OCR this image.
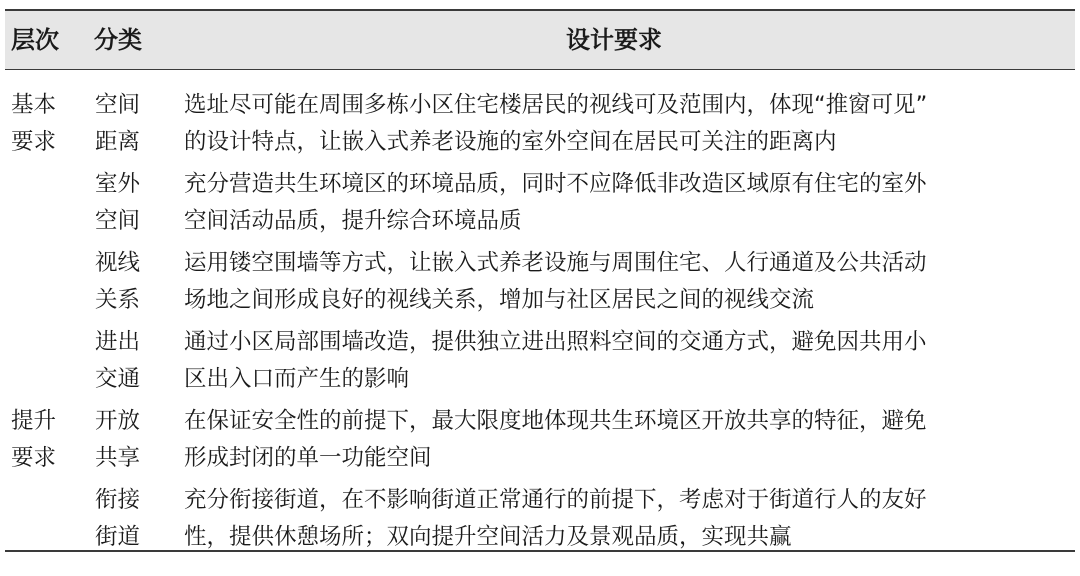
层次 分类	设计要求
基本
要求
空间
距离
选址尽可能在周围多栋小区住宅楼居民的视线可及范围内，体现“推窗可见”
的设计特点，让嵌入式养老设施的室外空间在居民可关注的距离内
室外
空间
充分营造共生环境区的环境品质，同时不应降低非改造区域原有住宅的室外
空间活动品质，提升综合环境品质
视线
关系
运用镂空围墙等方式，让嵌入式养老设施与周围住宅、人行通道及公共活动
场地之间形成良好的视线关系，增加与社区居民之间的视线交流
进出
交通
通过小区局部围墙改造，提供独立进出照料空间的交通方式，避免因共用小
区出入口而产生的影响
提升
要求
开放
共享
在保证安全性的前提下，最大限度地体现共生环境区开放共享的特征，避免
形成封闭的单一功能空间
衔接
街道
充分衔接街道，在不影响街道正常通行的前提下，考虑对于街道行人的友好
性，提供休憩场所；双向提升空间活力及景观品质，实现共赢
